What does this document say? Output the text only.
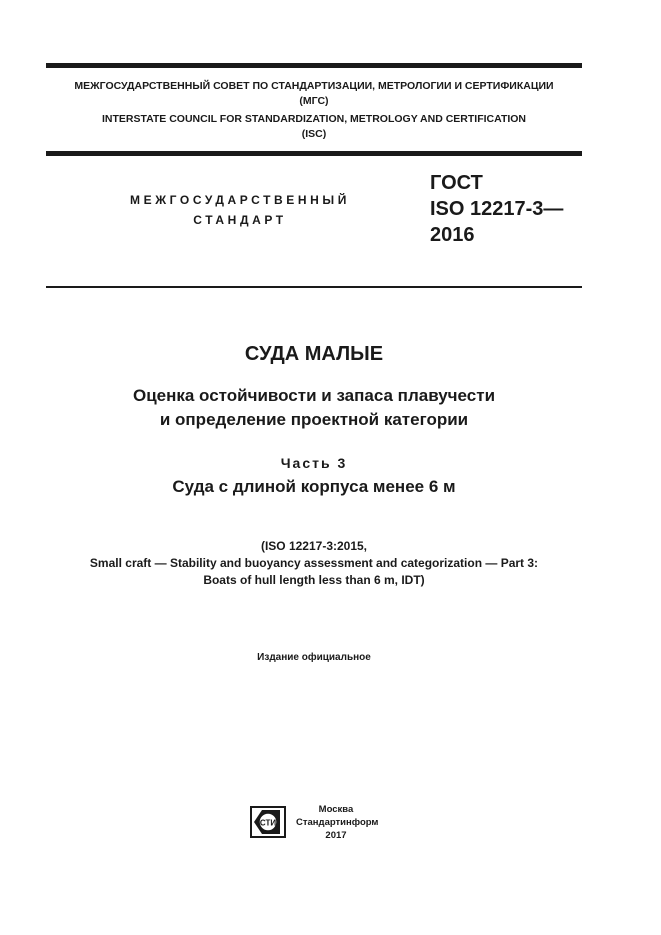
МЕЖГОСУДАРСТВЕННЫЙ СОВЕТ ПО СТАНДАРТИЗАЦИИ, МЕТРОЛОГИИ И СЕРТИФИКАЦИИ
(МГС)
INTERSTATE COUNCIL FOR STANDARDIZATION, METROLOGY AND CERTIFICATION
(ISC)
МЕЖГОСУДАРСТВЕННЫЙ
СТАНДАРТ
ГОСТ
ISO 12217-3—
2016
СУДА МАЛЫЕ
Оценка остойчивости и запаса плавучести
и определение проектной категории
Часть 3
Суда с длиной корпуса менее 6 м
(ISO 12217-3:2015,
Small craft — Stability and buoyancy assessment and categorization — Part 3:
Boats of hull length less than 6 m, IDT)
Издание официальное
СТИ
Москва
Стандартинформ
2017
